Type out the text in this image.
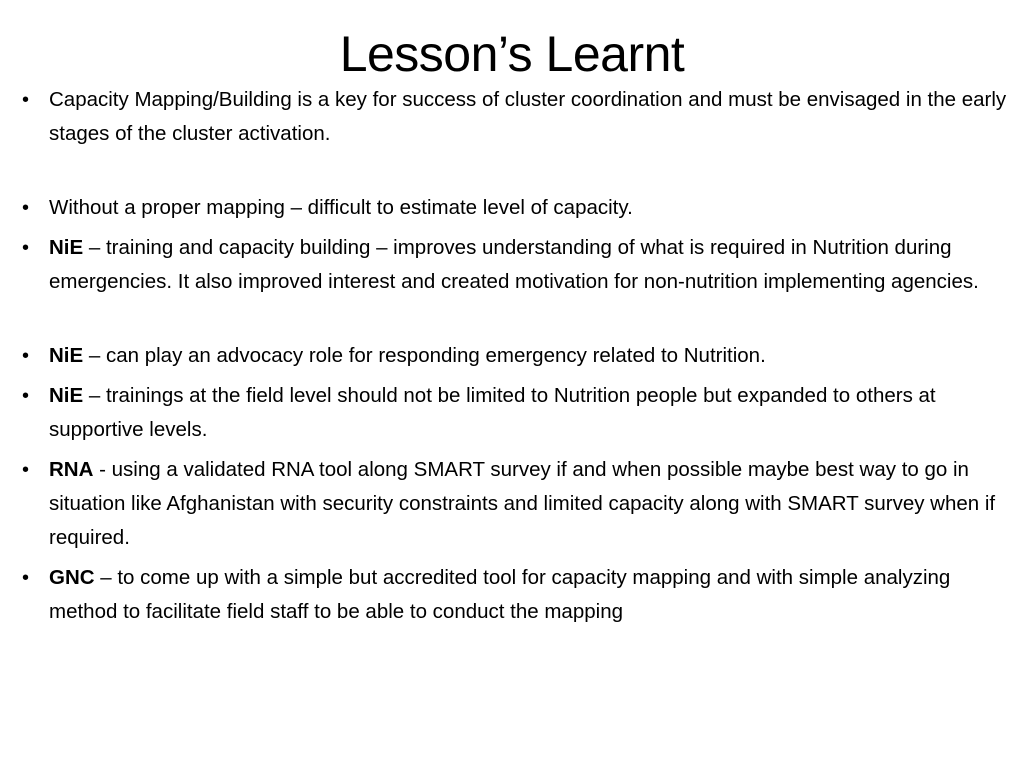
Lesson’s Learnt
• Capacity Mapping/Building is a key for success of cluster coordination and must be envisaged in the early stages of the cluster activation.
• Without a proper mapping – difficult to estimate level of capacity.
• NiE – training and capacity building – improves understanding of what is required in Nutrition during emergencies. It also improved interest and created motivation for non-nutrition implementing agencies.
• NiE – can play an advocacy role for responding emergency related to Nutrition.
• NiE – trainings at the field level should not be limited to Nutrition people but expanded to others at supportive levels.
• RNA - using a validated RNA tool along SMART survey if and when possible maybe best way to go in situation like Afghanistan with security constraints and limited capacity along with SMART survey when if required.
• GNC – to come up with a simple but accredited tool for capacity mapping and with simple analyzing method to facilitate field staff to be able to conduct the mapping
